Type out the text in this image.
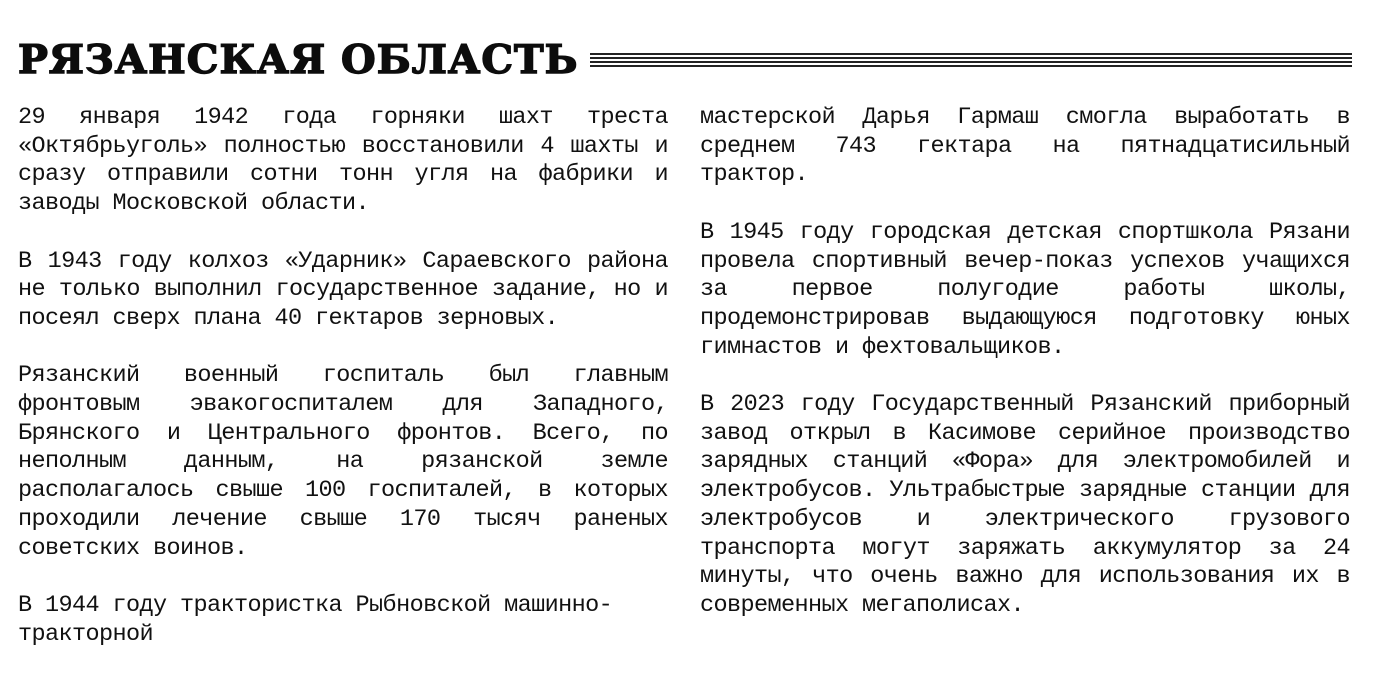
РЯЗАНСКАЯ ОБЛАСТЬ

29 января 1942 года горняки шахт треста «Октябрьуголь» полностью восстановили 4 шахты и сразу отправили сотни тонн угля на фабрики и заводы Московской области.

В 1943 году колхоз «Ударник» Сараевского района не только выполнил государственное задание, но и посеял сверх плана 40 гектаров зерновых.

Рязанский военный госпиталь был главным фронтовым эвакогоспиталем для Западного, Брянского и Центрального фронтов. Всего, по неполным данным, на рязанской земле располагалось свыше 100 госпиталей, в которых проходили лечение свыше 170 тысяч раненых советских воинов.

В 1944 году трактористка Рыбновской машинно-тракторной

мастерской Дарья Гармаш смогла выработать в среднем 743 гектара на пятнадцатисильный трактор.

В 1945 году городская детская спортшкола Рязани провела спортивный вечер-показ успехов учащихся за первое полугодие работы школы, продемонстрировав выдающуюся подготовку юных гимнастов и фехтовальщиков.

В 2023 году Государственный Рязанский приборный завод открыл в Касимове серийное производство зарядных станций «Фора» для электромобилей и электробусов. Ультрабыстрые зарядные станции для электробусов и электрического грузового транспорта могут заряжать аккумулятор за 24 минуты, что очень важно для использования их в современных мегаполисах.
